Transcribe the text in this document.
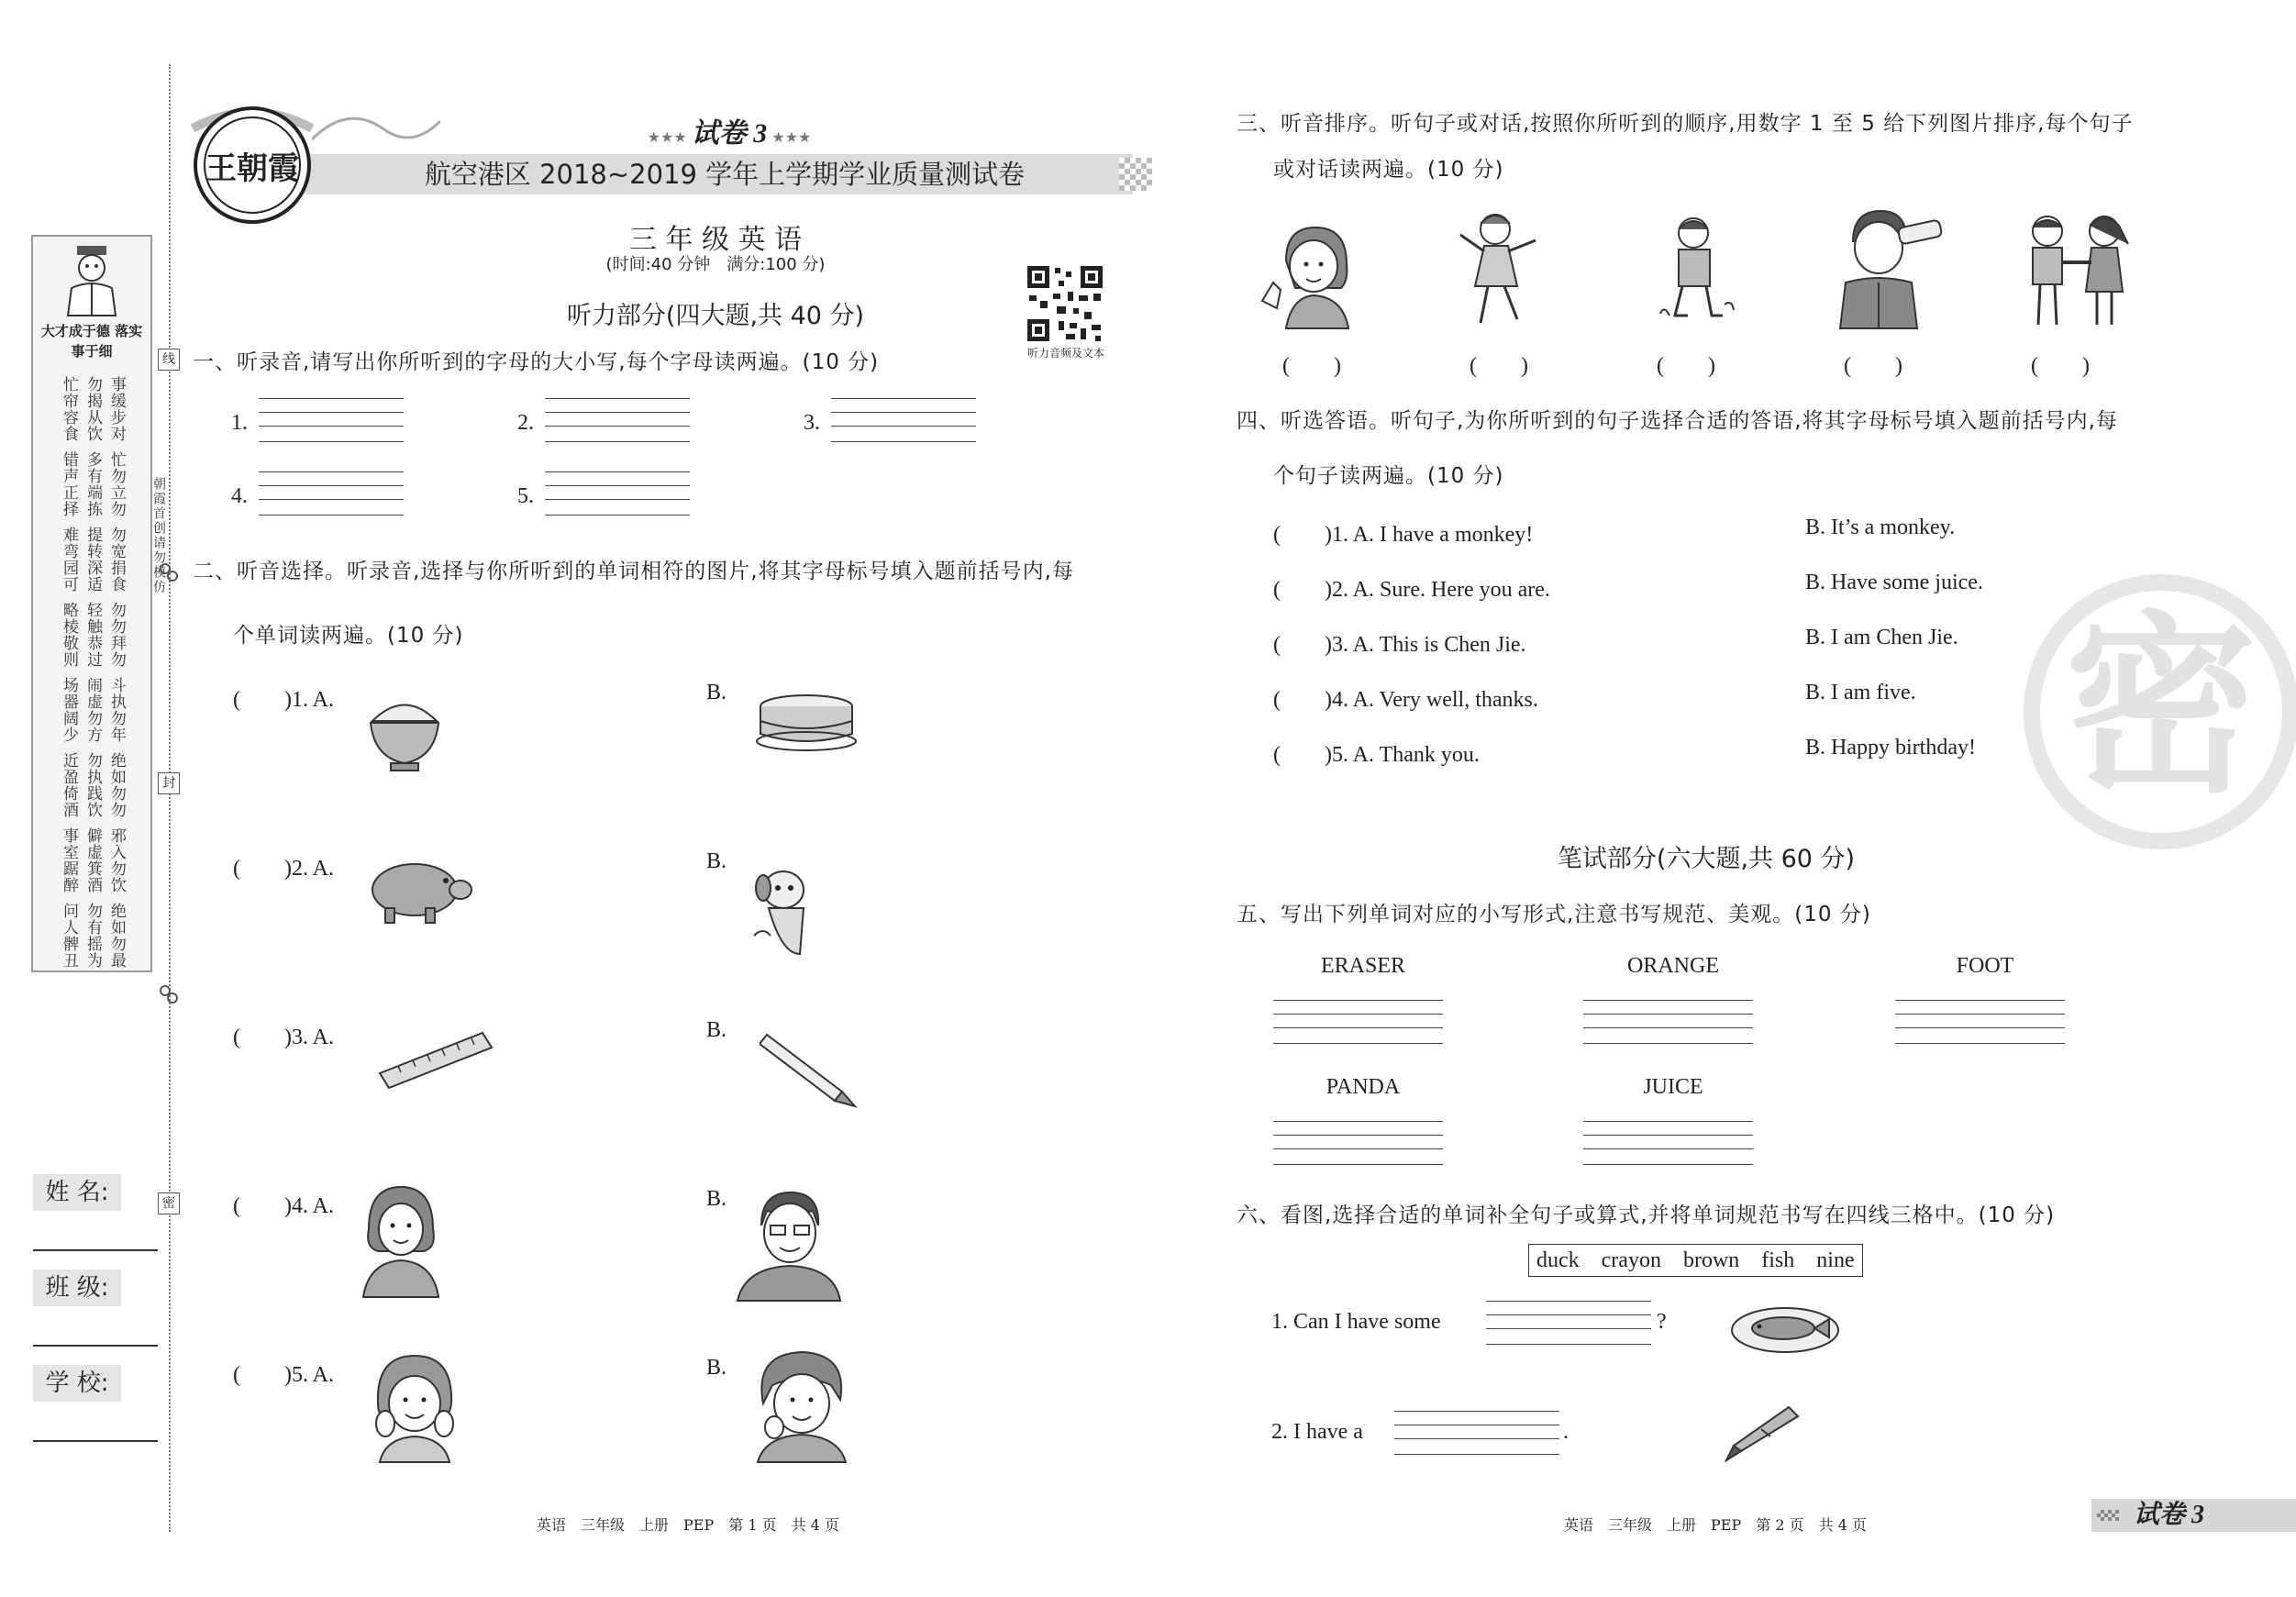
大才成于德 落实事于细
事缓步对
勿揭从饮
忙帘容食
忙勿立勿
多有端拣
错声正择
勿宽捐食
提转深适
难弯园可
勿勿拜勿
轻触恭过
略棱敬则
斗执勿年
闹虚勿方
场器阔少
绝如勿勿
勿执践饮
近盈倚酒
邪入勿饮
僻虚箕酒
事室踞醉
绝如勿最
勿有摇为
问人髀丑
朝霞首创请勿模仿
线
封
密
姓 名:
班 级:
学 校:
王朝霞
★★★ 试卷 3 ★★★
航空港区 2018~2019 学年上学期学业质量测试卷
三 年 级 英 语
(时间:40 分钟　满分:100 分)
听力音频及文本
听力部分(四大题,共 40 分)
一、听录音,请写出你所听到的字母的大小写,每个字母读两遍。(10 分)
1.	2.	3.
4.	5.
二、听音选择。听录音,选择与你所听到的单词相符的图片,将其字母标号填入题前括号内,每
个单词读两遍。(10 分)
(　　)1. A.	B.
(　　)2. A.	B.
(　　)3. A.	B.
(　　)4. A.	B.
(　　)5. A.	B.
英语　三年级　上册　PEP　第 1 页　共 4 页
三、听音排序。听句子或对话,按照你所听到的顺序,用数字 1 至 5 给下列图片排序,每个句子
或对话读两遍。(10 分)
(　　)	(　　)	(　　)	(　　)	(　　)
四、听选答语。听句子,为你所听到的句子选择合适的答语,将其字母标号填入题前括号内,每
个句子读两遍。(10 分)
(　　)1. A. I have a monkey!	B. It’s a monkey.
(　　)2. A. Sure. Here you are.	B. Have some juice.
(　　)3. A. This is Chen Jie.	B. I am Chen Jie.
(　　)4. A. Very well, thanks.	B. I am five.
(　　)5. A. Thank you.	B. Happy birthday! 密
笔试部分(六大题,共 60 分)
五、写出下列单词对应的小写形式,注意书写规范、美观。(10 分)
ERASER	ORANGE	FOOT
PANDA	JUICE
六、看图,选择合适的单词补全句子或算式,并将单词规范书写在四线三格中。(10 分)
duck　crayon　brown　fish　nine
1. Can I have some	?
2. I have a	.
英语　三年级　上册　PEP　第 2 页　共 4 页	试卷 3
